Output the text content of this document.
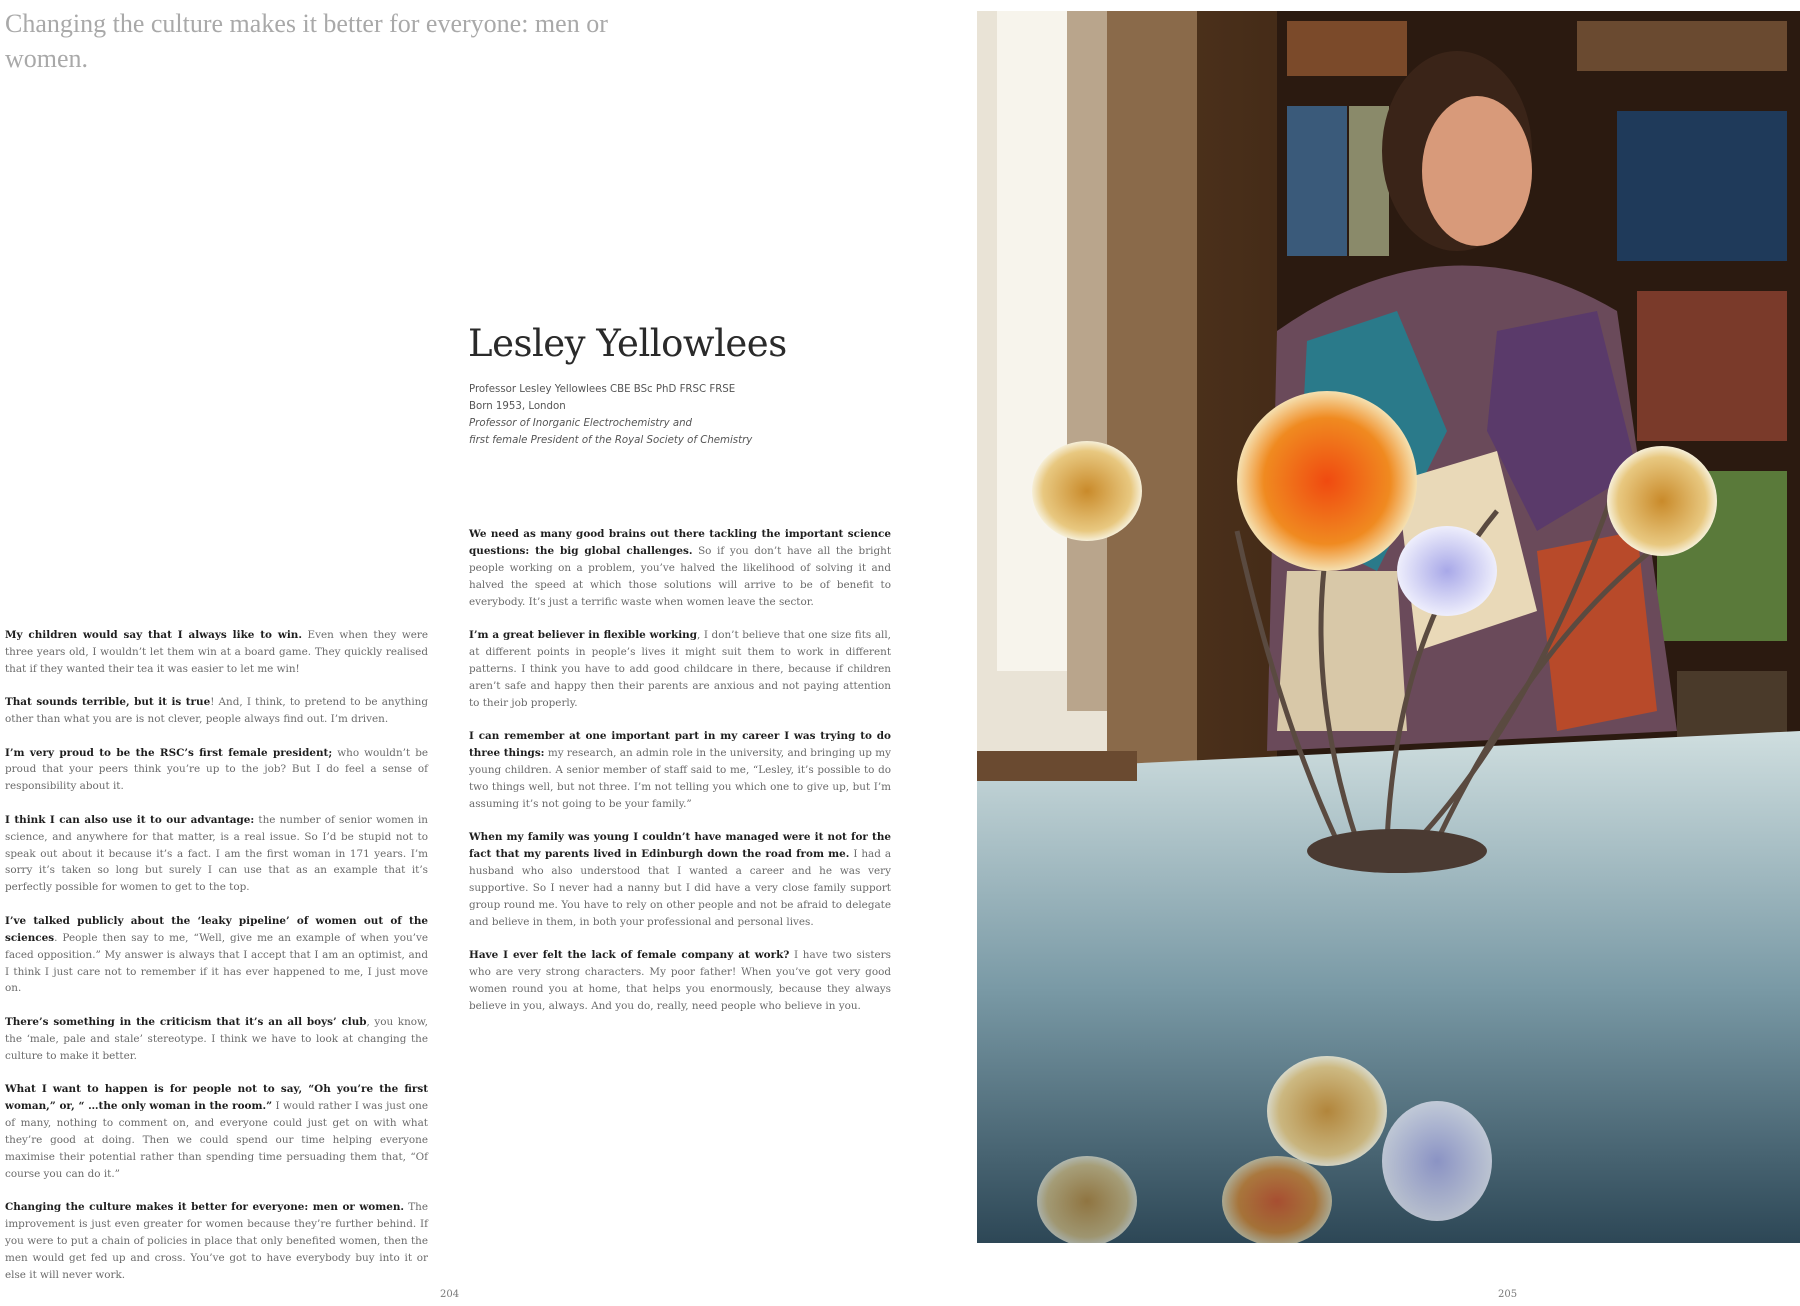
Changing the culture makes it better for everyone: men or women.
Lesley Yellowlees
Professor Lesley Yellowlees CBE BSc PhD FRSC FRSE
Born 1953, London
Professor of Inorganic Electrochemistry and
first female President of the Royal Society of Chemistry

We need as many good brains out there tackling the important science questions: the big global challenges. So if you don’t have all the bright people working on a problem, you’ve halved the likelihood of solving it and halved the speed at which those solutions will arrive to be of benefit to everybody. It’s just a terrific waste when women leave the sector.

I’m a great believer in flexible working, I don’t believe that one size fits all, at different points in people’s lives it might suit them to work in different patterns. I think you have to add good childcare in there, because if children aren’t safe and happy then their parents are anxious and not paying attention to their job properly.

I can remember at one important part in my career I was trying to do three things: my research, an admin role in the university, and bringing up my young children. A senior member of staff said to me, “Lesley, it’s possible to do two things well, but not three. I’m not telling you which one to give up, but I’m assuming it’s not going to be your family.”

When my family was young I couldn’t have managed were it not for the fact that my parents lived in Edinburgh down the road from me. I had a husband who also understood that I wanted a career and he was very supportive. So I never had a nanny but I did have a very close family support group round me. You have to rely on other people and not be afraid to delegate and believe in them, in both your professional and personal lives.

Have I ever felt the lack of female company at work? I have two sisters who are very strong characters. My poor father! When you’ve got very good women round you at home, that helps you enormously, because they always believe in you, always. And you do, really, need people who believe in you.

My children would say that I always like to win. Even when they were three years old, I wouldn’t let them win at a board game. They quickly realised that if they wanted their tea it was easier to let me win!

That sounds terrible, but it is true! And, I think, to pretend to be anything other than what you are is not clever, people always find out. I’m driven.

I’m very proud to be the RSC’s first female president; who wouldn’t be proud that your peers think you’re up to the job? But I do feel a sense of responsibility about it.

I think I can also use it to our advantage: the number of senior women in science, and anywhere for that matter, is a real issue. So I’d be stupid not to speak out about it because it’s a fact. I am the first woman in 171 years. I’m sorry it’s taken so long but surely I can use that as an example that it’s perfectly possible for women to get to the top.

I’ve talked publicly about the ‘leaky pipeline’ of women out of the sciences. People then say to me, “Well, give me an example of when you’ve faced opposition.” My answer is always that I accept that I am an optimist, and I think I just care not to remember if it has ever happened to me, I just move on.

There’s something in the criticism that it’s an all boys’ club, you know, the ‘male, pale and stale’ stereotype. I think we have to look at changing the culture to make it better.

What I want to happen is for people not to say, “Oh you’re the first woman,” or, “ …the only woman in the room.” I would rather I was just one of many, nothing to comment on, and everyone could just get on with what they’re good at doing. Then we could spend our time helping everyone maximise their potential rather than spending time persuading them that, “Of course you can do it.”

Changing the culture makes it better for everyone: men or women. The improvement is just even greater for women because they’re further behind. If you were to put a chain of policies in place that only benefited women, then the men would get fed up and cross. You’ve got to have everybody buy into it or else it will never work.

204	205
